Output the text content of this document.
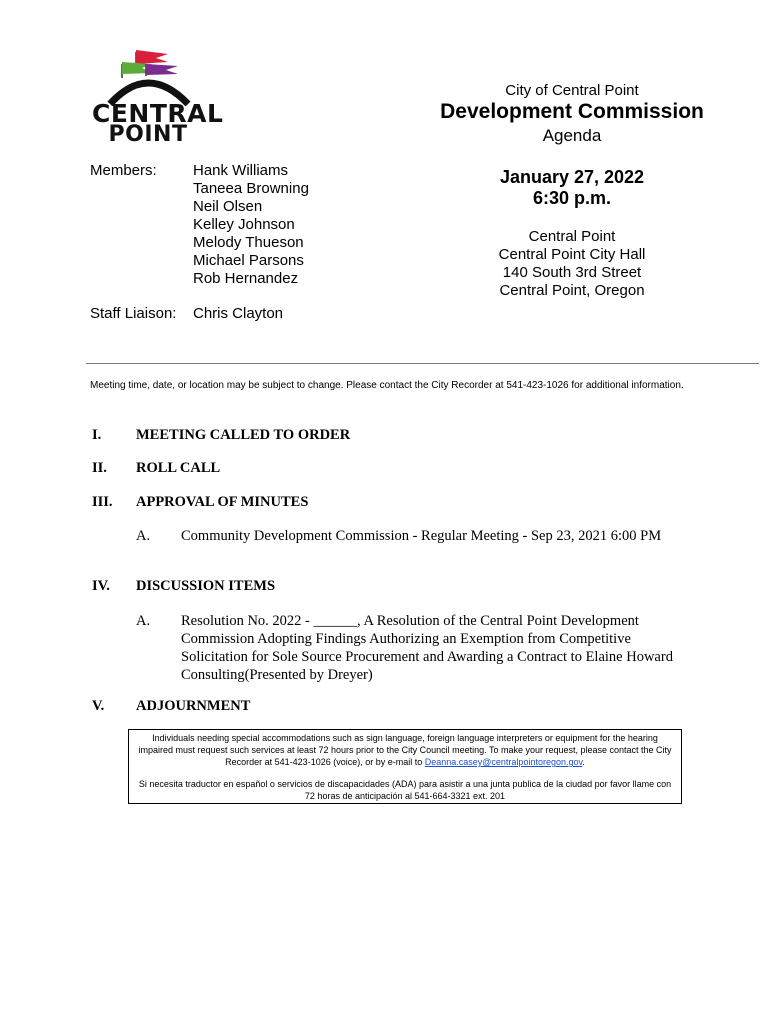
CENTRAL
POINT
City of Central Point
Development Commission
Agenda
Members: Hank Williams
Taneea Browning
Neil Olsen
Kelley Johnson
Melody Thueson
Michael Parsons
Rob Hernandez
January 27, 2022
6:30 p.m.
Central Point
Central Point City Hall
140 South 3rd Street
Central Point, Oregon
Staff Liaison: Chris Clayton
Meeting time, date, or location may be subject to change. Please contact the City Recorder at 541-423-1026 for additional information.
I. MEETING CALLED TO ORDER
II. ROLL CALL
III. APPROVAL OF MINUTES
A. Community Development Commission - Regular Meeting - Sep 23, 2021 6:00 PM
IV. DISCUSSION ITEMS
A. Resolution No. 2022 - ______, A Resolution of the Central Point Development Commission Adopting Findings Authorizing an Exemption from Competitive Solicitation for Sole Source Procurement and Awarding a Contract to Elaine Howard Consulting(Presented by Dreyer)
V. ADJOURNMENT

Individuals needing special accommodations such as sign language, foreign language interpreters or equipment for the hearing impaired must request such services at least 72 hours prior to the City Council meeting. To make your request, please contact the City Recorder at 541-423-1026 (voice), or by e-mail to Deanna.casey@centralpointoregon.gov.

Si necesita traductor en español o servicios de discapacidades (ADA) para asistir a una junta publica de la ciudad por favor llame con 72 horas de anticipación al 541-664-3321 ext. 201
